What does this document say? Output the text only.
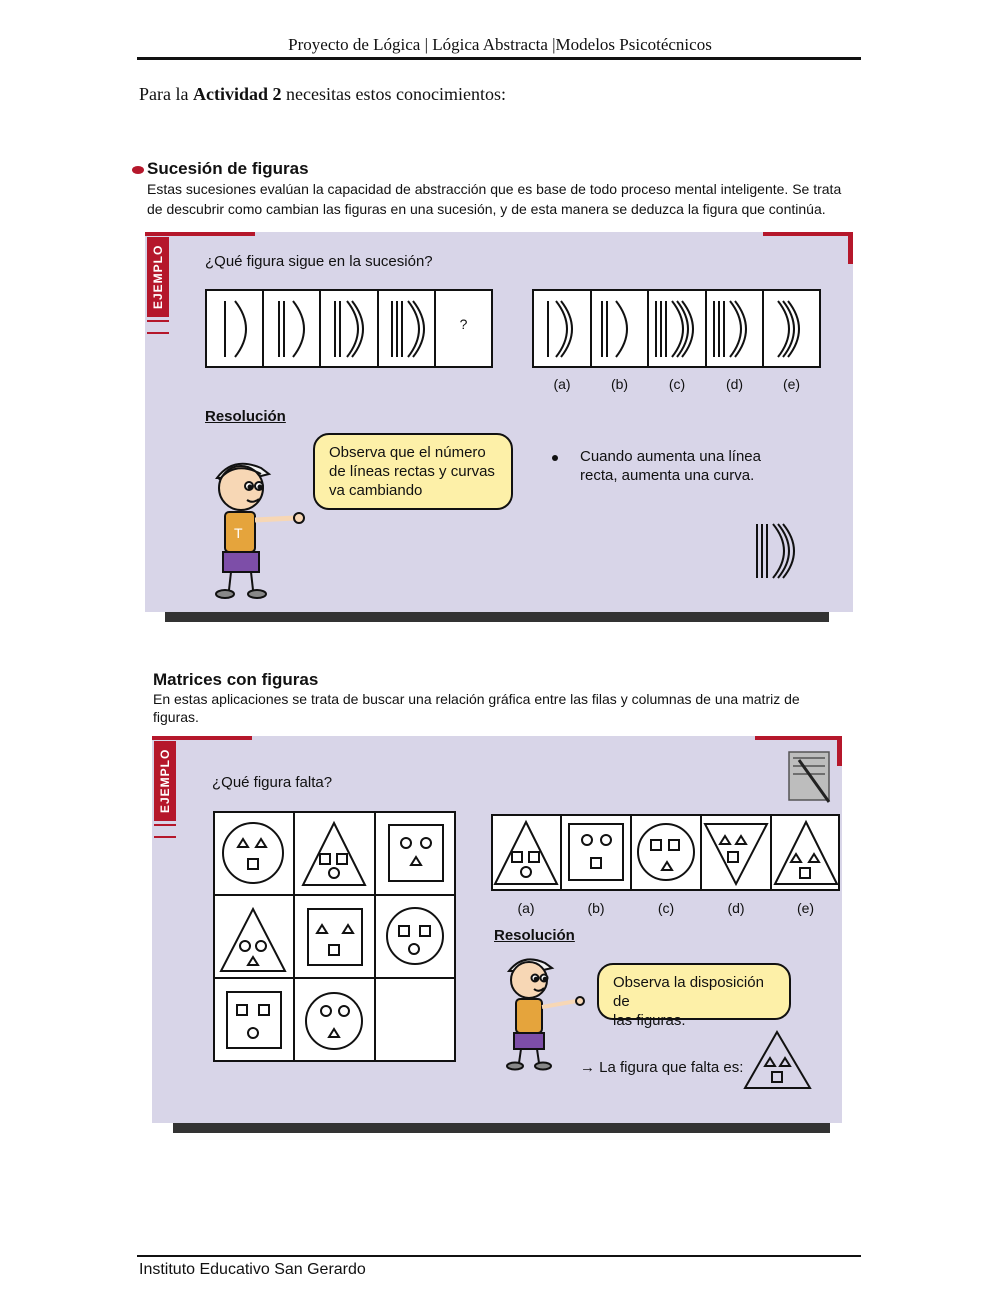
Proyecto de Lógica | Lógica Abstracta |Modelos Psicotécnicos
Para la Actividad 2 necesitas estos conocimientos:
Sucesión de figuras
Estas sucesiones evalúan la capacidad de abstracción que es base de todo proceso mental inteligente. Se trata
de descubrir como cambian las figuras en una sucesión, y de esta manera se deduzca la figura que continúa.
EJEMPLO	¿Qué figura sigue en la sucesión?
?
(a)	(b)	(c)	(d)	(e)
Resolución
T
Observa que el número
de líneas rectas y curvas
va cambiando
Cuando aumenta una línea
recta, aumenta una curva.
Matrices con figuras
En estas aplicaciones se trata de buscar una relación gráfica entre las filas y columnas de una matriz de
figuras.
EJEMPLO	¿Qué figura falta?
(a)	(b)	(c)	(d)	(e)
Resolución
Observa la disposición de
las figuras.
→ La figura que falta es:
Instituto Educativo San Gerardo
